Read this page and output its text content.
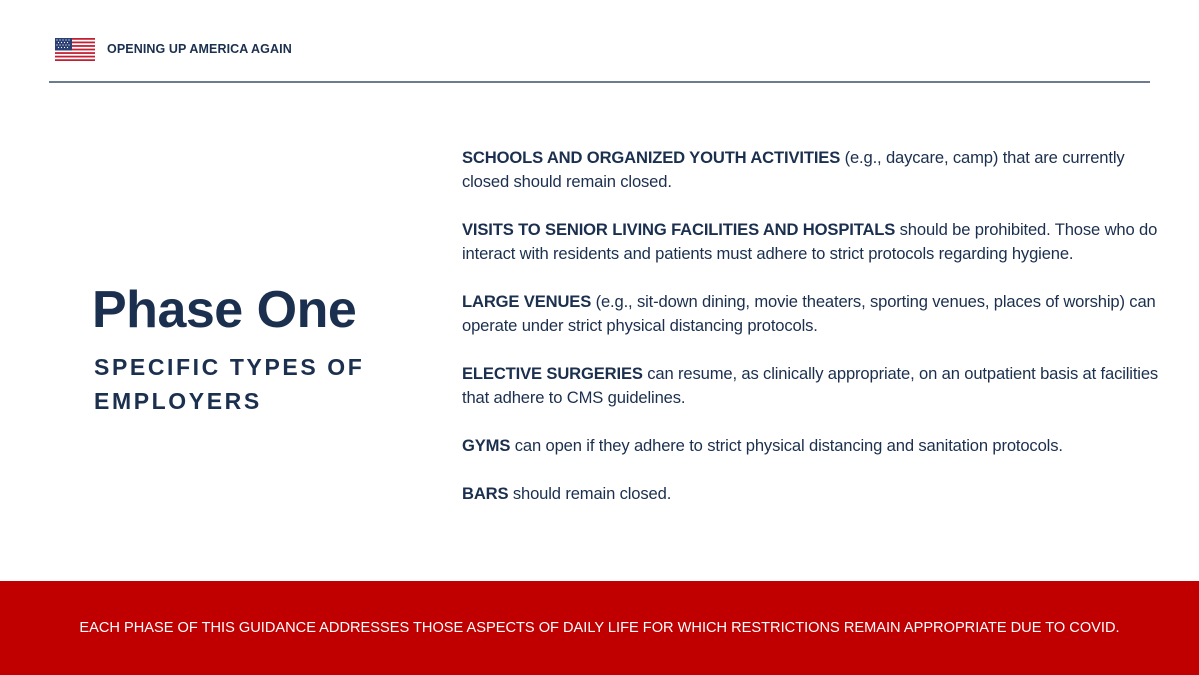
OPENING UP AMERICA AGAIN
Phase One
SPECIFIC TYPES OF EMPLOYERS

SCHOOLS AND ORGANIZED YOUTH ACTIVITIES (e.g., daycare, camp) that are currently closed should remain closed.

VISITS TO SENIOR LIVING FACILITIES AND HOSPITALS should be prohibited. Those who do interact with residents and patients must adhere to strict protocols regarding hygiene.

LARGE VENUES (e.g., sit-down dining, movie theaters, sporting venues, places of worship) can operate under strict physical distancing protocols.

ELECTIVE SURGERIES can resume, as clinically appropriate, on an outpatient basis at facilities that adhere to CMS guidelines.

GYMS can open if they adhere to strict physical distancing and sanitation protocols.

BARS should remain closed.

EACH PHASE OF THIS GUIDANCE ADDRESSES THOSE ASPECTS OF DAILY LIFE FOR WHICH RESTRICTIONS REMAIN APPROPRIATE DUE TO COVID.
